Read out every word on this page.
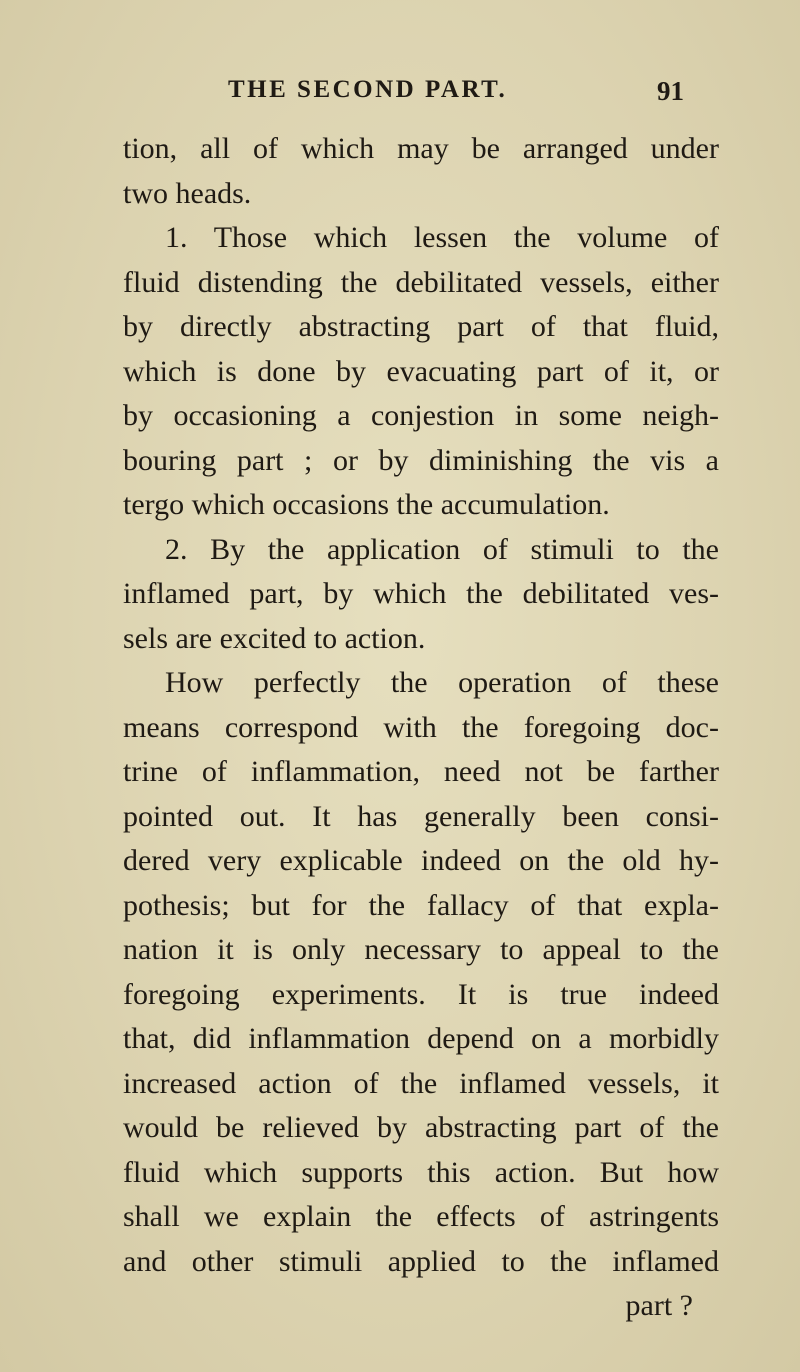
THE SECOND PART.	91
tion, all of which may be arranged under
two heads.
1. Those which lessen the volume of
fluid distending the debilitated vessels, either
by directly abstracting part of that fluid,
which is done by evacuating part of it, or
by occasioning a conjestion in some neigh-
bouring part ; or by diminishing the vis a
tergo which occasions the accumulation.
2. By the application of stimuli to the
inflamed part, by which the debilitated ves-
sels are excited to action.
How perfectly the operation of these
means correspond with the foregoing doc-
trine of inflammation, need not be farther
pointed out. It has generally been consi-
dered very explicable indeed on the old hy-
pothesis; but for the fallacy of that expla-
nation it is only necessary to appeal to the
foregoing experiments. It is true indeed
that, did inflammation depend on a morbidly
increased action of the inflamed vessels, it
would be relieved by abstracting part of the
fluid which supports this action. But how
shall we explain the effects of astringents
and other stimuli applied to the inflamed
part ?
